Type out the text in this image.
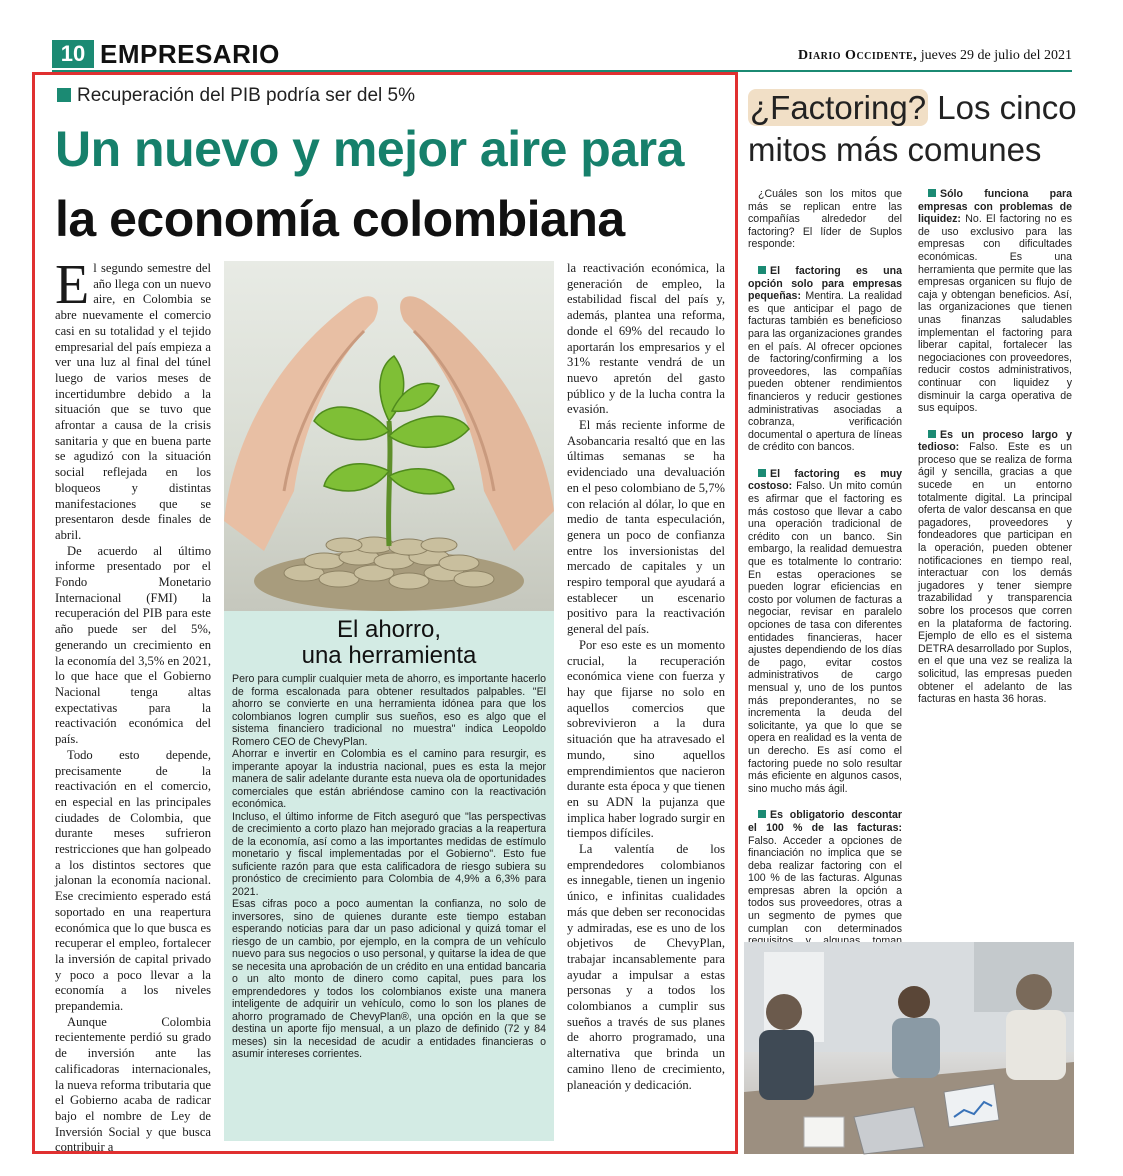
10 EMPRESARIO	Diario Occidente, jueves 29 de julio del 2021
Recuperación del PIB podría ser del 5%
Un nuevo y mejor aire para
la economía colombiana

El segundo semestre del año llega con un nuevo aire, en Colombia se abre nuevamente el comercio casi en su totalidad y el tejido empresarial del país empieza a ver una luz al final del túnel luego de varios meses de incertidumbre debido a la situación que se tuvo que afrontar a causa de la crisis sanitaria y que en buena parte se agudizó con la situación social reflejada en los bloqueos y distintas manifestaciones que se presentaron desde finales de abril.

De acuerdo al último informe presentado por el Fondo Monetario Internacional (FMI) la recuperación del PIB para este año puede ser del 5%, generando un crecimiento en la economía del 3,5% en 2021, lo que hace que el Gobierno Nacional tenga altas expectativas para la reactivación económica del país.

Todo esto depende, precisamente de la reactivación en el comercio, en especial en las principales ciudades de Colombia, que durante meses sufrieron restricciones que han golpeado a los distintos sectores que jalonan la economía nacional. Ese crecimiento esperado está soportado en una reapertura económica que lo que busca es recuperar el empleo, fortalecer la inversión de capital privado y poco a poco llevar a la economía a los niveles prepandemia.

Aunque Colombia recientemente perdió su grado de inversión ante las calificadoras internacionales, la nueva reforma tributaria que el Gobierno acaba de radicar bajo el nombre de Ley de Inversión Social y que busca contribuir a

El ahorro,
una herramienta

Pero para cumplir cualquier meta de ahorro, es importante hacerlo de forma escalonada para obtener resultados palpables. "El ahorro se convierte en una herramienta idónea para que los colombianos logren cumplir sus sueños, eso es algo que el sistema financiero tradicional no muestra" indica Leopoldo Romero CEO de ChevyPlan.

Ahorrar e invertir en Colombia es el camino para resurgir, es imperante apoyar la industria nacional, pues es esta la mejor manera de salir adelante durante esta nueva ola de oportunidades comerciales que están abriéndose camino con la reactivación económica.

Incluso, el último informe de Fitch aseguró que "las perspectivas de crecimiento a corto plazo han mejorado gracias a la reapertura de la economía, así como a las importantes medidas de estímulo monetario y fiscal implementadas por el Gobierno". Esto fue suficiente razón para que esta calificadora de riesgo subiera su pronóstico de crecimiento para Colombia de 4,9% a 6,3% para 2021.

Esas cifras poco a poco aumentan la confianza, no solo de inversores, sino de quienes durante este tiempo estaban esperando noticias para dar un paso adicional y quizá tomar el riesgo de un cambio, por ejemplo, en la compra de un vehículo nuevo para sus negocios o uso personal, y quitarse la idea de que se necesita una aprobación de un crédito en una entidad bancaria o un alto monto de dinero como capital, pues para los emprendedores y todos los colombianos existe una manera inteligente de adquirir un vehículo, como lo son los planes de ahorro programado de ChevyPlan®, una opción en la que se destina un aporte fijo mensual, a un plazo de definido (72 y 84 meses) sin la necesidad de acudir a entidades financieras o asumir intereses corrientes.

la reactivación económica, la generación de empleo, la estabilidad fiscal del país y, además, plantea una reforma, donde el 69% del recaudo lo aportarán los empresarios y el 31% restante vendrá de un nuevo apretón del gasto público y de la lucha contra la evasión.

El más reciente informe de Asobancaria resaltó que en las últimas semanas se ha evidenciado una devaluación en el peso colombiano de 5,7% con relación al dólar, lo que en medio de tanta especulación, genera un poco de confianza entre los inversionistas del mercado de capitales y un respiro temporal que ayudará a establecer un escenario positivo para la reactivación general del país.

Por eso este es un momento crucial, la recuperación económica viene con fuerza y hay que fijarse no solo en aquellos comercios que sobrevivieron a la dura situación que ha atravesado el mundo, sino aquellos emprendimientos que nacieron durante esta época y que tienen en su ADN la pujanza que implica haber logrado surgir en tiempos difíciles.

La valentía de los emprendedores colombianos es innegable, tienen un ingenio único, e infinitas cualidades más que deben ser reconocidas y admiradas, ese es uno de los objetivos de ChevyPlan, trabajar incansablemente para ayudar a impulsar a estas personas y a todos los colombianos a cumplir sus sueños a través de sus planes de ahorro programado, una alternativa que brinda un camino lleno de crecimiento, planeación y dedicación.

¿Factoring? Los cinco
mitos más comunes

¿Cuáles son los mitos que más se replican entre las compañías alrededor del factoring? El líder de Suplos responde:

El factoring es una opción solo para empresas pequeñas: Mentira. La realidad es que anticipar el pago de facturas también es beneficioso para las organizaciones grandes en el país. Al ofrecer opciones de factoring/confirming a los proveedores, las compañías pueden obtener rendimientos financieros y reducir gestiones administrativas asociadas a cobranza, verificación documental o apertura de líneas de crédito con bancos.

El factoring es muy costoso: Falso. Un mito común es afirmar que el factoring es más costoso que llevar a cabo una operación tradicional de crédito con un banco. Sin embargo, la realidad demuestra que es totalmente lo contrario: En estas operaciones se pueden lograr eficiencias en costo por volumen de facturas a negociar, revisar en paralelo opciones de tasa con diferentes entidades financieras, hacer ajustes dependiendo de los días de pago, evitar costos administrativos de cargo mensual y, uno de los puntos más preponderantes, no se incrementa la deuda del solicitante, ya que lo que se opera en realidad es la venta de un derecho. Es así como el factoring puede no solo resultar más eficiente en algunos casos, sino mucho más ágil.

Es obligatorio descontar el 100 % de las facturas: Falso. Acceder a opciones de financiación no implica que se deba realizar factoring con el 100 % de las facturas. Algunas empresas abren la opción a todos sus proveedores, otras a un segmento de pymes que cumplan con determinados

Sólo funciona para empresas con problemas de liquidez: No. El factoring no es de uso exclusivo para las empresas con dificultades económicas. Es una herramienta que permite que las empresas organicen su flujo de caja y obtengan beneficios. Así, las organizaciones que tienen unas finanzas saludables implementan el factoring para liberar capital, fortalecer las negociaciones con proveedores, reducir costos administrativos, continuar con liquidez y disminuir la carga operativa de sus equipos.

Es un proceso largo y tedioso: Falso. Este es un proceso que se realiza de forma ágil y sencilla, gracias a que sucede en un entorno totalmente digital. La principal oferta de valor descansa en que pagadores, proveedores y fondeadores que participan en la operación, pueden obtener notificaciones en tiempo real, interactuar con los demás jugadores y tener siempre trazabilidad y transparencia sobre los procesos que corren en la plataforma de factoring. Ejemplo de ello es el sistema DETRA desarrollado por Suplos, en el que una vez se realiza la solicitud, las empresas pueden obtener el adelanto de las facturas en hasta 36 horas.
